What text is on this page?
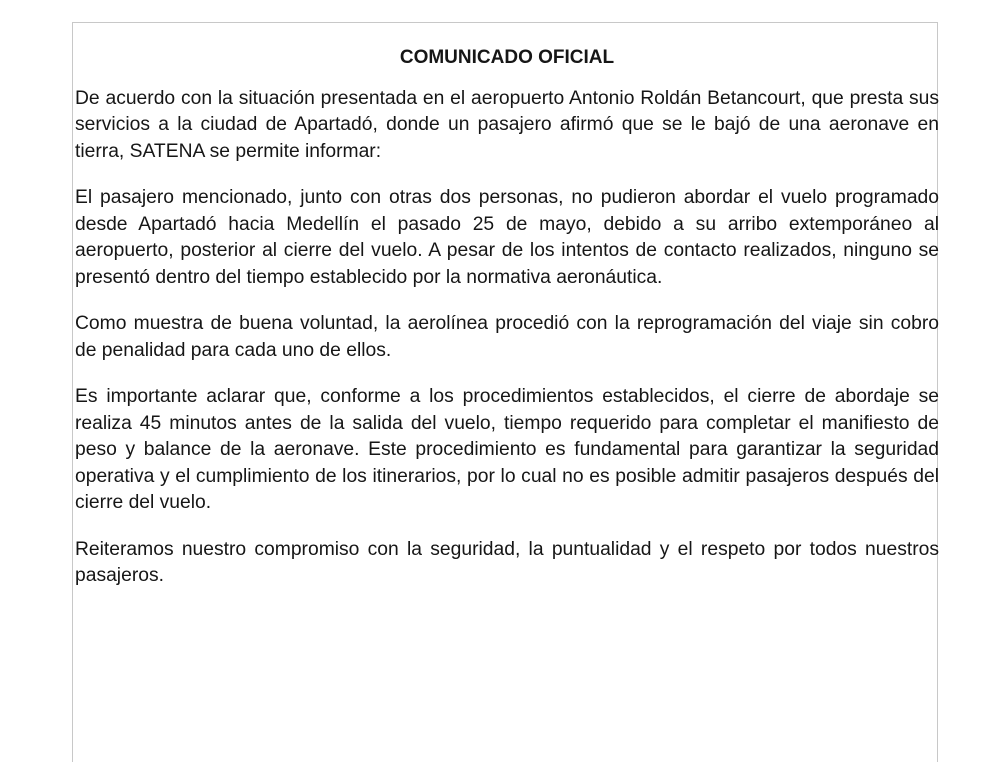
COMUNICADO OFICIAL

De acuerdo con la situación presentada en el aeropuerto Antonio Roldán Betancourt, que presta sus servicios a la ciudad de Apartadó, donde un pasajero afirmó que se le bajó de una aeronave en tierra, SATENA se permite informar:

El pasajero mencionado, junto con otras dos personas, no pudieron abordar el vuelo programado desde Apartadó hacia Medellín el pasado 25 de mayo, debido a su arribo extemporáneo al aeropuerto, posterior al cierre del vuelo. A pesar de los intentos de contacto realizados, ninguno se presentó dentro del tiempo establecido por la normativa aeronáutica.

Como muestra de buena voluntad, la aerolínea procedió con la reprogramación del viaje sin cobro de penalidad para cada uno de ellos.

Es importante aclarar que, conforme a los procedimientos establecidos, el cierre de abordaje se realiza 45 minutos antes de la salida del vuelo, tiempo requerido para completar el manifiesto de peso y balance de la aeronave. Este procedimiento es fundamental para garantizar la seguridad operativa y el cumplimiento de los itinerarios, por lo cual no es posible admitir pasajeros después del cierre del vuelo.

Reiteramos nuestro compromiso con la seguridad, la puntualidad y el respeto por todos nuestros pasajeros.
